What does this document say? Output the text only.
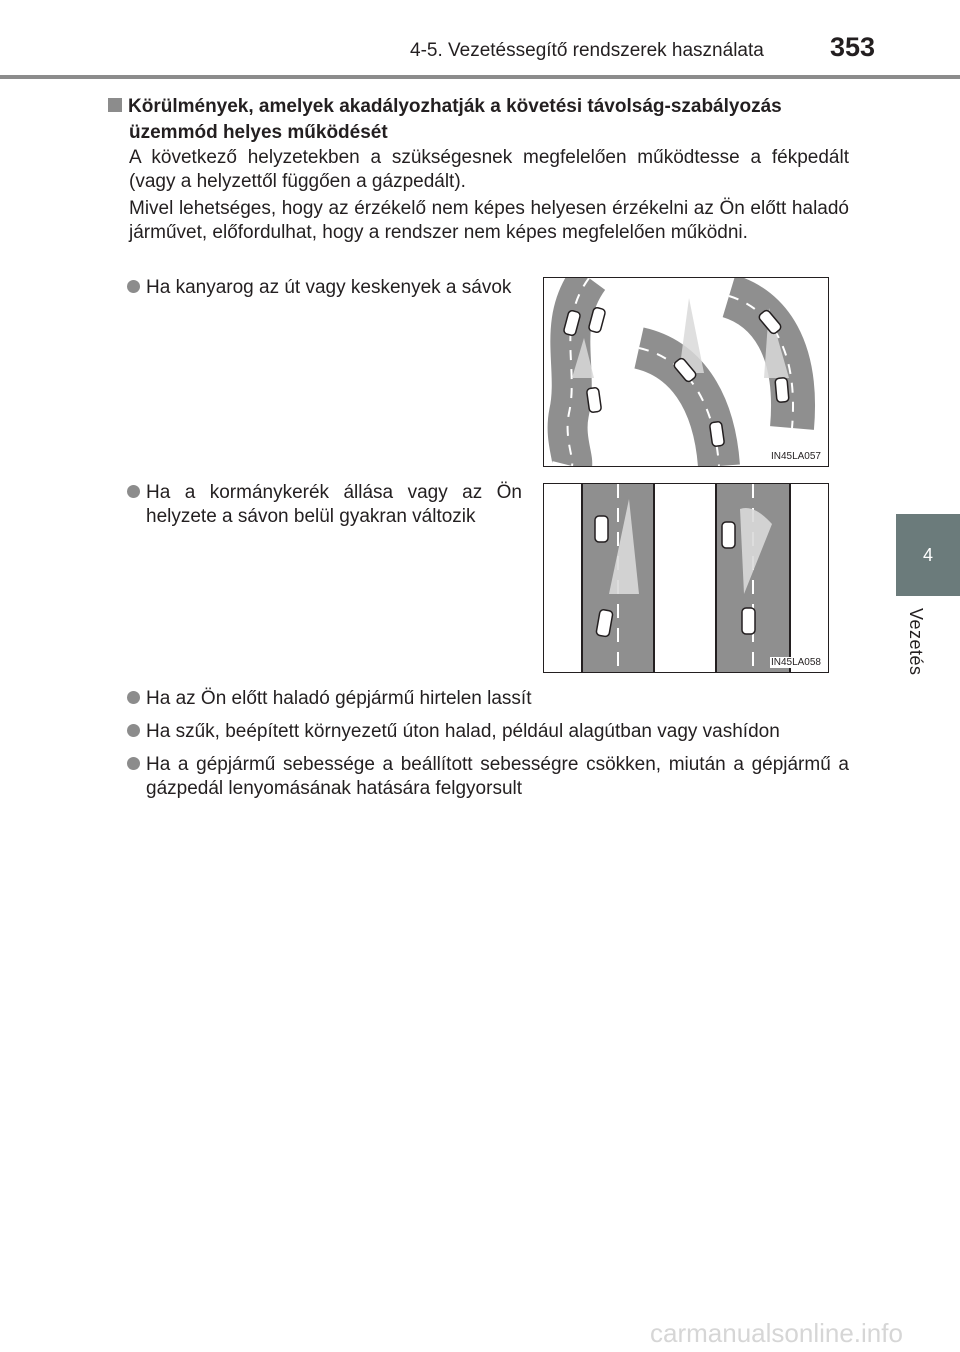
4-5. Vezetéssegítő rendszerek használata 353
4
Vezetés
Körülmények, amelyek akadályozhatják a követési távolság-szabályozás
üzemmód helyes működését
A következő helyzetekben a szükségesnek megfelelően működtesse a fékpedált (vagy a helyzettől függően a gázpedált).
Mivel lehetséges, hogy az érzékelő nem képes helyesen érzékelni az Ön előtt haladó járművet, előfordulhat, hogy a rendszer nem képes megfelelően működni.
Ha kanyarog az út vagy keskenyek a sávok
IN45LA057
Ha a kormánykerék állása vagy az Ön helyzete a sávon belül gyakran változik
IN45LA058
Ha az Ön előtt haladó gépjármű hirtelen lassít
Ha szűk, beépített környezetű úton halad, például alagútban vagy vashídon
Ha a gépjármű sebessége a beállított sebességre csökken, miután a gépjármű a gázpedál lenyomásának hatására felgyorsult
carmanualsonline.info
